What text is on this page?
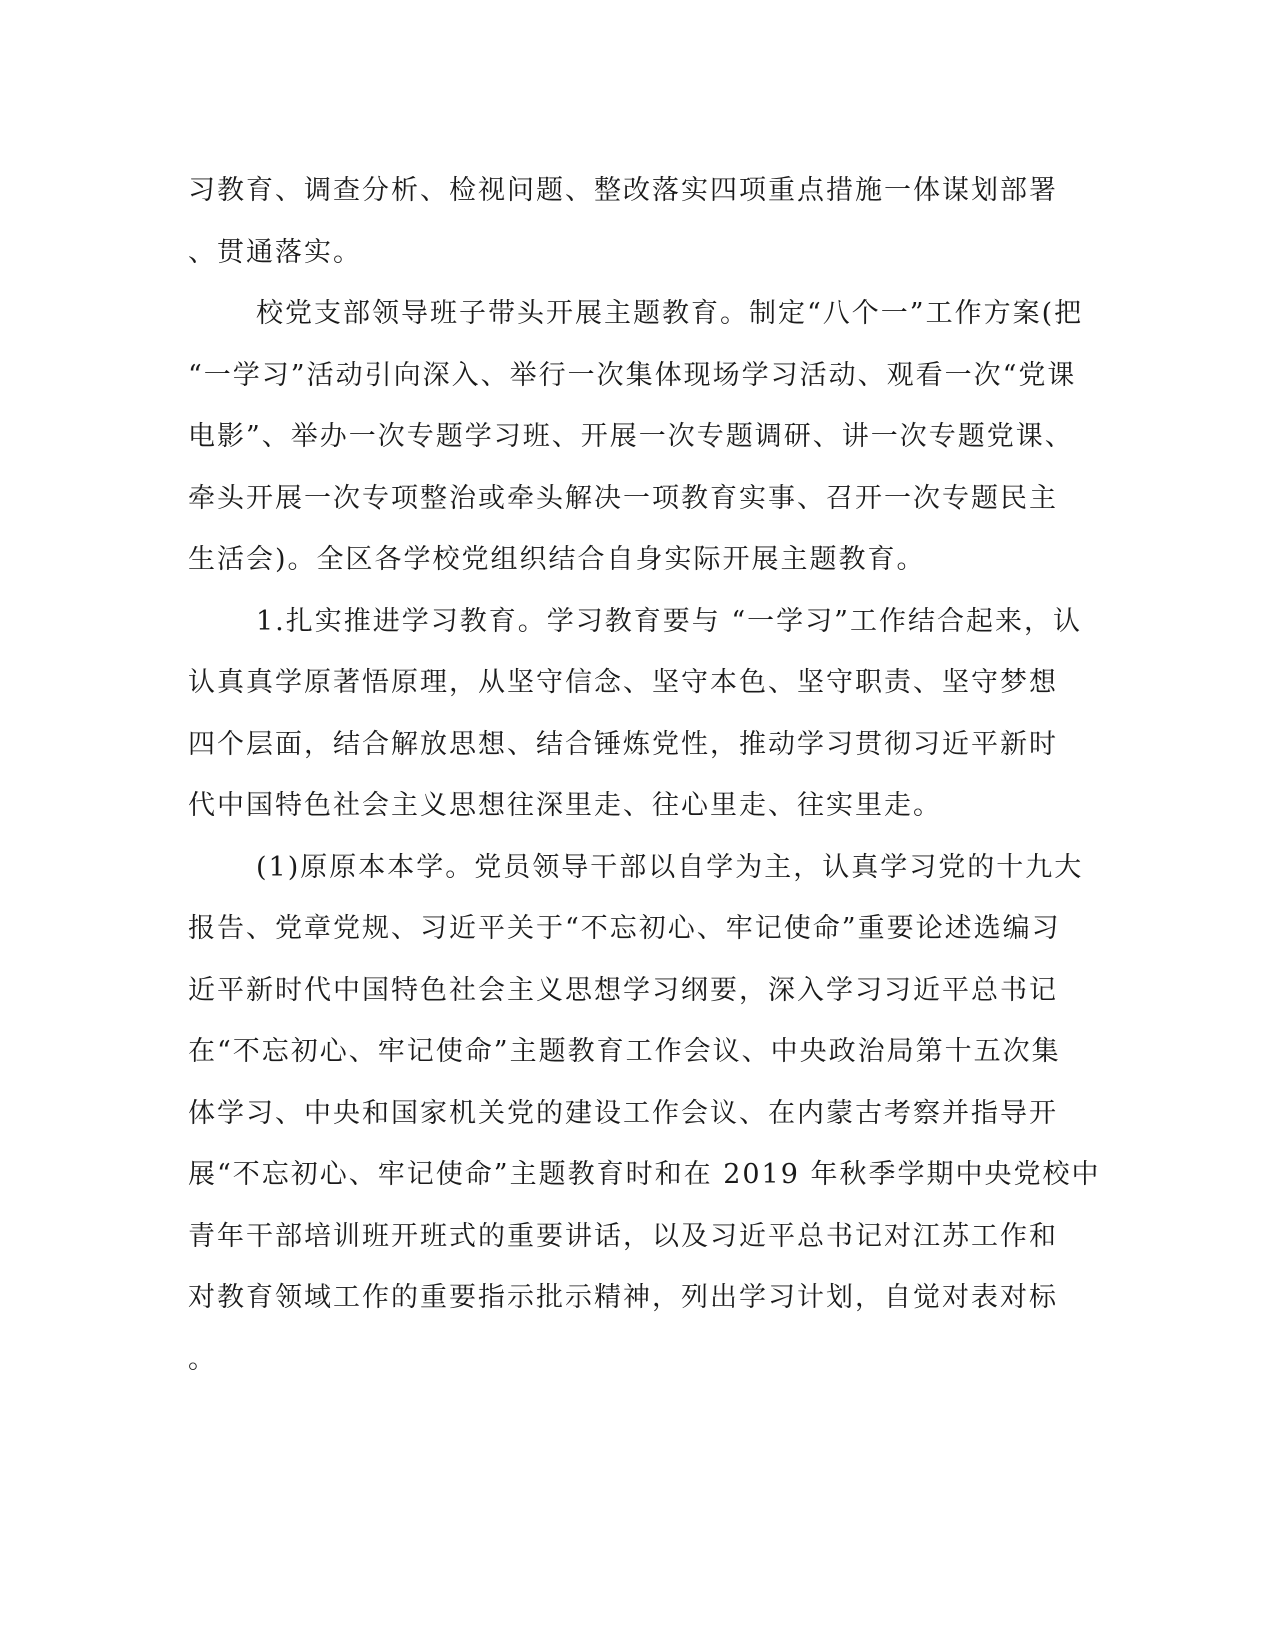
习教育、调查分析、检视问题、整改落实四项重点措施一体谋划部署
、贯通落实。
校党支部领导班子带头开展主题教育。制定“八个一”工作方案(把
“一学习”活动引向深入、举行一次集体现场学习活动、观看一次“党课
电影”、举办一次专题学习班、开展一次专题调研、讲一次专题党课、
牵头开展一次专项整治或牵头解决一项教育实事、召开一次专题民主
生活会)。全区各学校党组织结合自身实际开展主题教育。
1.扎实推进学习教育。学习教育要与 “一学习”工作结合起来，认
认真真学原著悟原理，从坚守信念、坚守本色、坚守职责、坚守梦想
四个层面，结合解放思想、结合锤炼党性，推动学习贯彻习近平新时
代中国特色社会主义思想往深里走、往心里走、往实里走。
(1)原原本本学。党员领导干部以自学为主，认真学习党的十九大
报告、党章党规、习近平关于“不忘初心、牢记使命”重要论述选编习
近平新时代中国特色社会主义思想学习纲要，深入学习习近平总书记
在“不忘初心、牢记使命”主题教育工作会议、中央政治局第十五次集
体学习、中央和国家机关党的建设工作会议、在内蒙古考察并指导开
展“不忘初心、牢记使命”主题教育时和在 2019 年秋季学期中央党校中
青年干部培训班开班式的重要讲话，以及习近平总书记对江苏工作和
对教育领域工作的重要指示批示精神，列出学习计划，自觉对表对标
。
